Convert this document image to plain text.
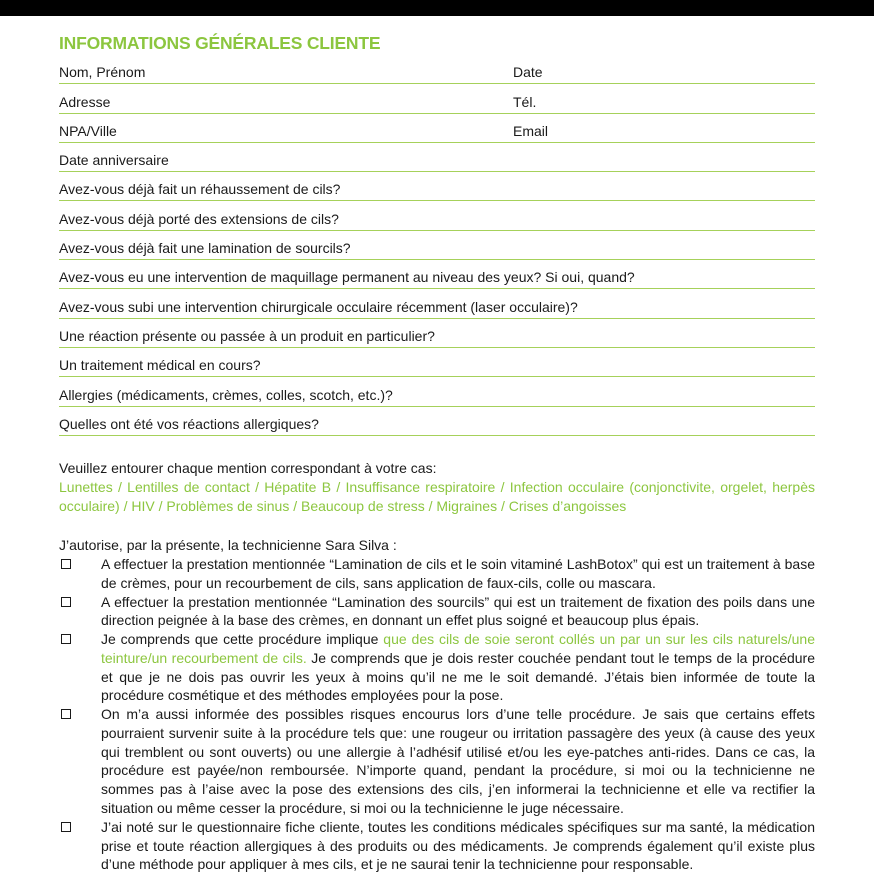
INFORMATIONS GÉNÉRALES CLIENTE
Nom, Prénom	Date
Adresse	Tél.
NPA/Ville	Email
Date anniversaire
Avez-vous déjà fait un réhaussement de cils?
Avez-vous déjà porté des extensions de cils?
Avez-vous déjà fait une lamination de sourcils?
Avez-vous eu une intervention de maquillage permanent au niveau des yeux? Si oui, quand?
Avez-vous subi une intervention chirurgicale occulaire récemment (laser occulaire)?
Une réaction présente ou passée à un produit en particulier?
Un traitement médical en cours?
Allergies (médicaments, crèmes, colles, scotch, etc.)?
Quelles ont été vos réactions allergiques?
Veuillez entourer chaque mention correspondant à votre cas:
Lunettes / Lentilles de contact / Hépatite B / Insuffisance respiratoire / Infection occulaire (conjonctivite, orgelet, herpès occulaire) / HIV / Problèmes de sinus / Beaucoup de stress / Migraines / Crises d’angoisses
J’autorise, par la présente, la technicienne Sara Silva :
A effectuer la prestation mentionnée “Lamination de cils et le soin vitaminé LashBotox” qui est un traitement à base de crèmes, pour un recourbement de cils, sans application de faux-cils, colle ou mascara.
A effectuer la prestation mentionnée “Lamination des sourcils” qui est un traitement de fixation des poils dans une direction peignée à la base des crèmes, en donnant un effet plus soigné et beaucoup plus épais.
Je comprends que cette procédure implique que des cils de soie seront collés un par un sur les cils naturels/une teinture/un recourbement de cils. Je comprends que je dois rester couchée pendant tout le temps de la procédure et que je ne dois pas ouvrir les yeux à moins qu’il ne me le soit demandé. J’étais bien informée de toute la procédure cosmétique et des méthodes employées pour la pose.
On m’a aussi informée des possibles risques encourus lors d’une telle procédure. Je sais que certains effets pourraient survenir suite à la procédure tels que: une rougeur ou irritation passagère des yeux (à cause des yeux qui tremblent ou sont ouverts) ou une allergie à l’adhésif utilisé et/ou les eye-patches anti-rides. Dans ce cas, la procédure est payée/non remboursée. N’importe quand, pendant la procédure, si moi ou la technicienne ne sommes pas à l’aise avec la pose des extensions des cils, j’en informerai la technicienne et elle va rectifier la situation ou même cesser la procédure, si moi ou la technicienne le juge nécessaire.
J’ai noté sur le questionnaire fiche cliente, toutes les conditions médicales spécifiques sur ma santé, la médication prise et toute réaction allergiques à des produits ou des médicaments. Je comprends également qu’il existe plus d’une méthode pour appliquer à mes cils, et je ne saurai tenir la technicienne pour responsable.
